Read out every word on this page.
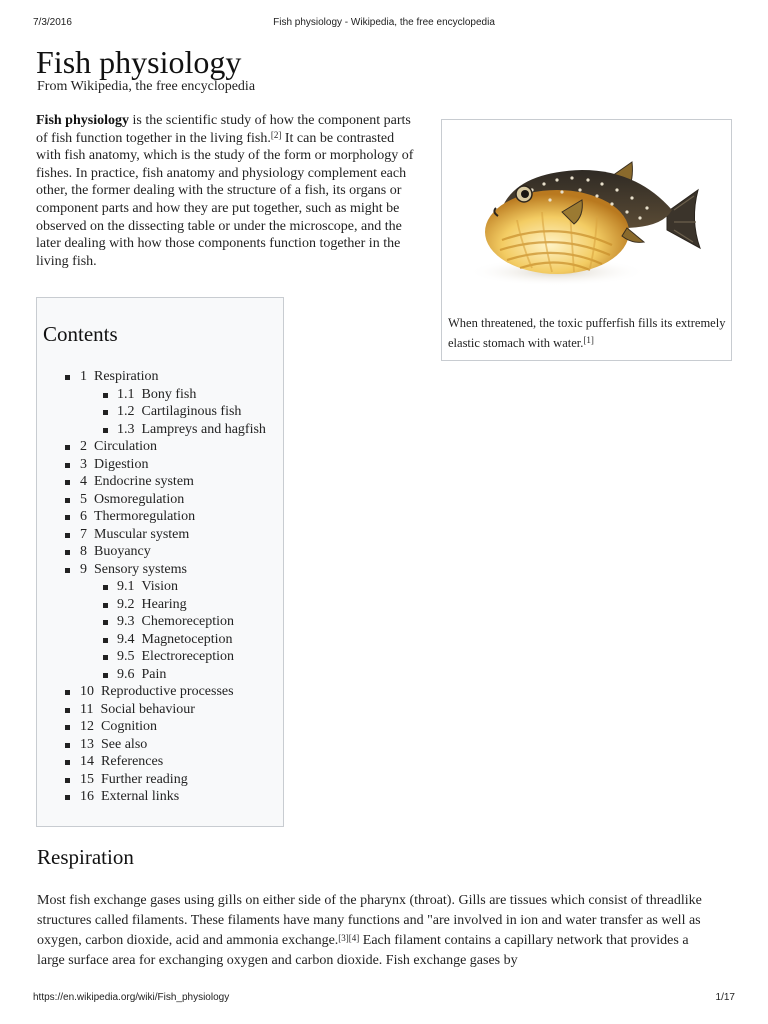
7/3/2016	Fish physiology - Wikipedia, the free encyclopedia
Fish physiology
From Wikipedia, the free encyclopedia

Fish physiology is the scientific study of how the component parts of fish function together in the living fish.[2] It can be contrasted with fish anatomy, which is the study of the form or morphology of fishes. In practice, fish anatomy and physiology complement each other, the former dealing with the structure of a fish, its organs or component parts and how they are put together, such as might be observed on the dissecting table or under the microscope, and the later dealing with how those components function together in the living fish.

When threatened, the toxic pufferfish fills its extremely elastic stomach with water.[1]
Contents
1 Respiration
1.1 Bony fish
1.2 Cartilaginous fish
1.3 Lampreys and hagfish
2 Circulation
3 Digestion
4 Endocrine system
5 Osmoregulation
6 Thermoregulation
7 Muscular system
8 Buoyancy
9 Sensory systems
9.1 Vision
9.2 Hearing
9.3 Chemoreception
9.4 Magnetoception
9.5 Electroreception
9.6 Pain
10 Reproductive processes
11 Social behaviour
12 Cognition
13 See also
14 References
15 Further reading
16 External links
Respiration

Most fish exchange gases using gills on either side of the pharynx (throat). Gills are tissues which consist of threadlike structures called filaments. These filaments have many functions and "are involved in ion and water transfer as well as oxygen, carbon dioxide, acid and ammonia exchange.[3][4] Each filament contains a capillary network that provides a large surface area for exchanging oxygen and carbon dioxide. Fish exchange gases by

https://en.wikipedia.org/wiki/Fish_physiology	1/17
